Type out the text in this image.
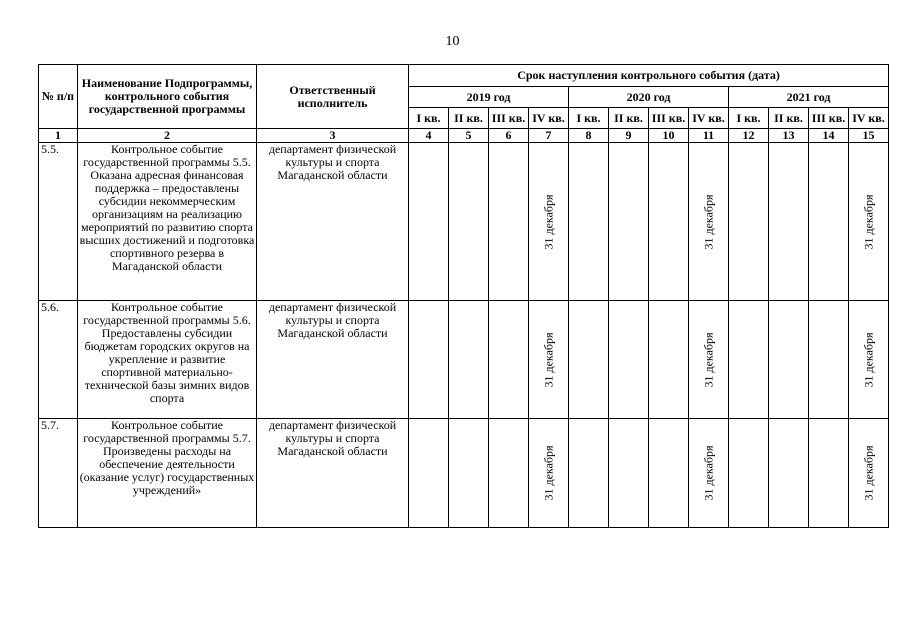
10
№ п/п	Наименование Подпрограммы, контрольного события государственной программы	Ответственный исполнитель	Срок наступления контрольного события (дата)											
			2019 год				2020 год				2021 год			
			I кв.	II кв.	III кв.	IV кв.	I кв.	II кв.	III кв.	IV кв.	I кв.	II кв.	III кв.	IV кв.
1	2	3	4	5	6	7	8	9	10	11	12	13	14	15
5.5.	Контрольное событие государственной программы 5.5. Оказана адресная финансовая поддержка – предоставлены субсидии некоммерческим организациям на реализацию мероприятий по развитию спорта высших достижений и подготовка спортивного резерва в Магаданской области	департамент физической культуры и спорта Магаданской области				31 декабря				31 декабря				31 декабря

5.6.	Контрольное событие государственной программы 5.6. Предоставлены субсидии бюджетам городских округов на укрепление и развитие спортивной материально-технической базы зимних видов спорта	департамент физической культуры и спорта Магаданской области				31 декабря				31 декабря				31 декабря

5.7.	Контрольное событие государственной программы 5.7. Произведены расходы на обеспечение деятельности (оказание услуг) государственных учреждений»	департамент физической культуры и спорта Магаданской области				31 декабря				31 декабря				31 декабря
